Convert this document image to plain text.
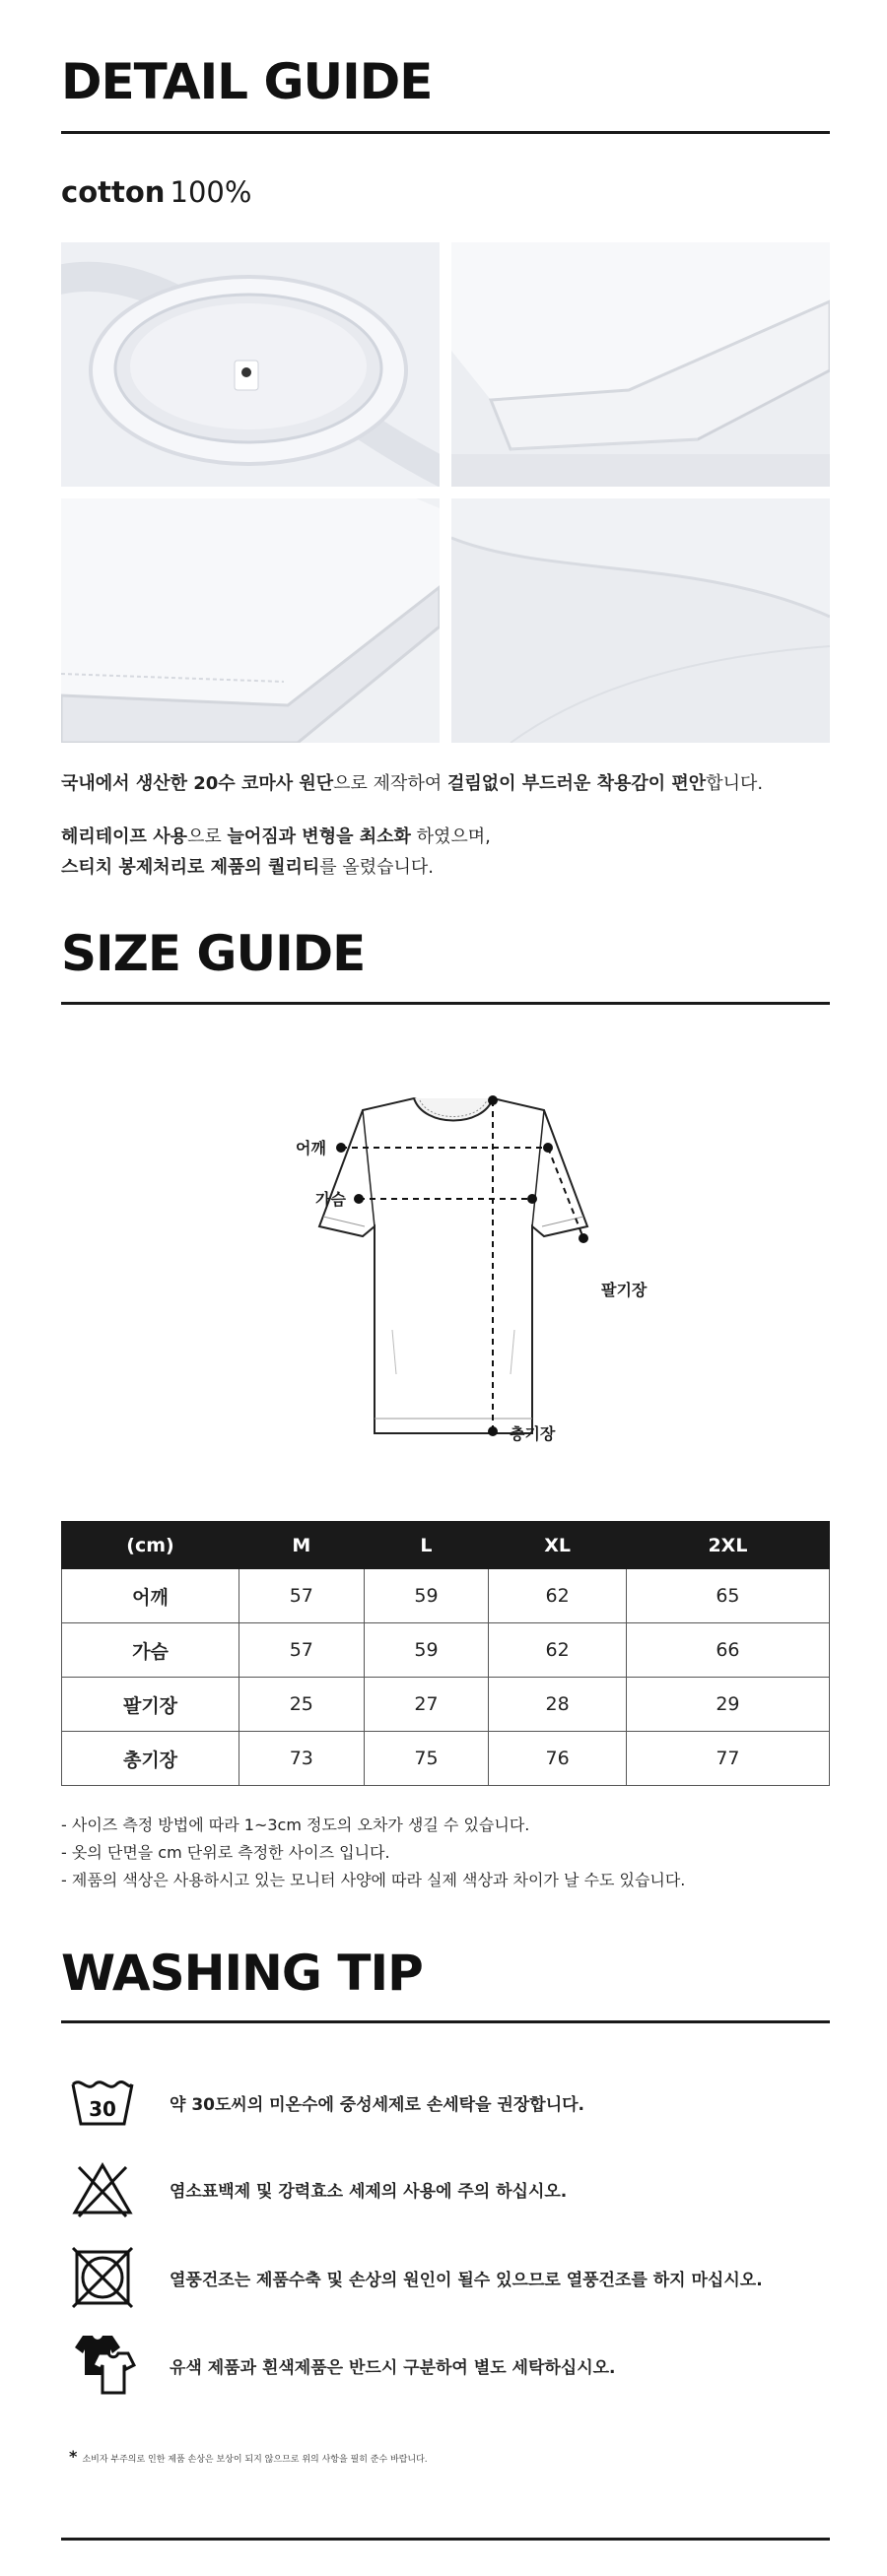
DETAIL GUIDE
cotton 100%

국내에서 생산한 20수 코마사 원단으로 제작하여 걸림없이 부드러운 착용감이 편안합니다.

헤리테이프 사용으로 늘어짐과 변형을 최소화 하였으며,

스티치 봉제처리로 제품의 퀄리티를 올렸습니다.

SIZE GUIDE
어깨
가슴
팔기장
총기장
(cm)	M	L	XL	2XL
어깨	57	59	62	65
가슴	57	59	62	66
팔기장	25	27	28	29
총기장	73	75	76	77
- 사이즈 측정 방법에 따라 1~3cm 정도의 오차가 생길 수 있습니다.
- 옷의 단면을 cm 단위로 측정한 사이즈 입니다.
- 제품의 색상은 사용하시고 있는 모니터 사양에 따라 실제 색상과 차이가 날 수도 있습니다.
WASHING TIP
30	약 30도씨의 미온수에 중성세제로 손세탁을 권장합니다.
염소표백제 및 강력효소 세제의 사용에 주의 하십시오.
열풍건조는 제품수축 및 손상의 원인이 될수 있으므로 열풍건조를 하지 마십시오.
유색 제품과 흰색제품은 반드시 구분하여 별도 세탁하십시오.
* 소비자 부주의로 인한 제품 손상은 보상이 되지 않으므로 위의 사항을 필히 준수 바랍니다.
